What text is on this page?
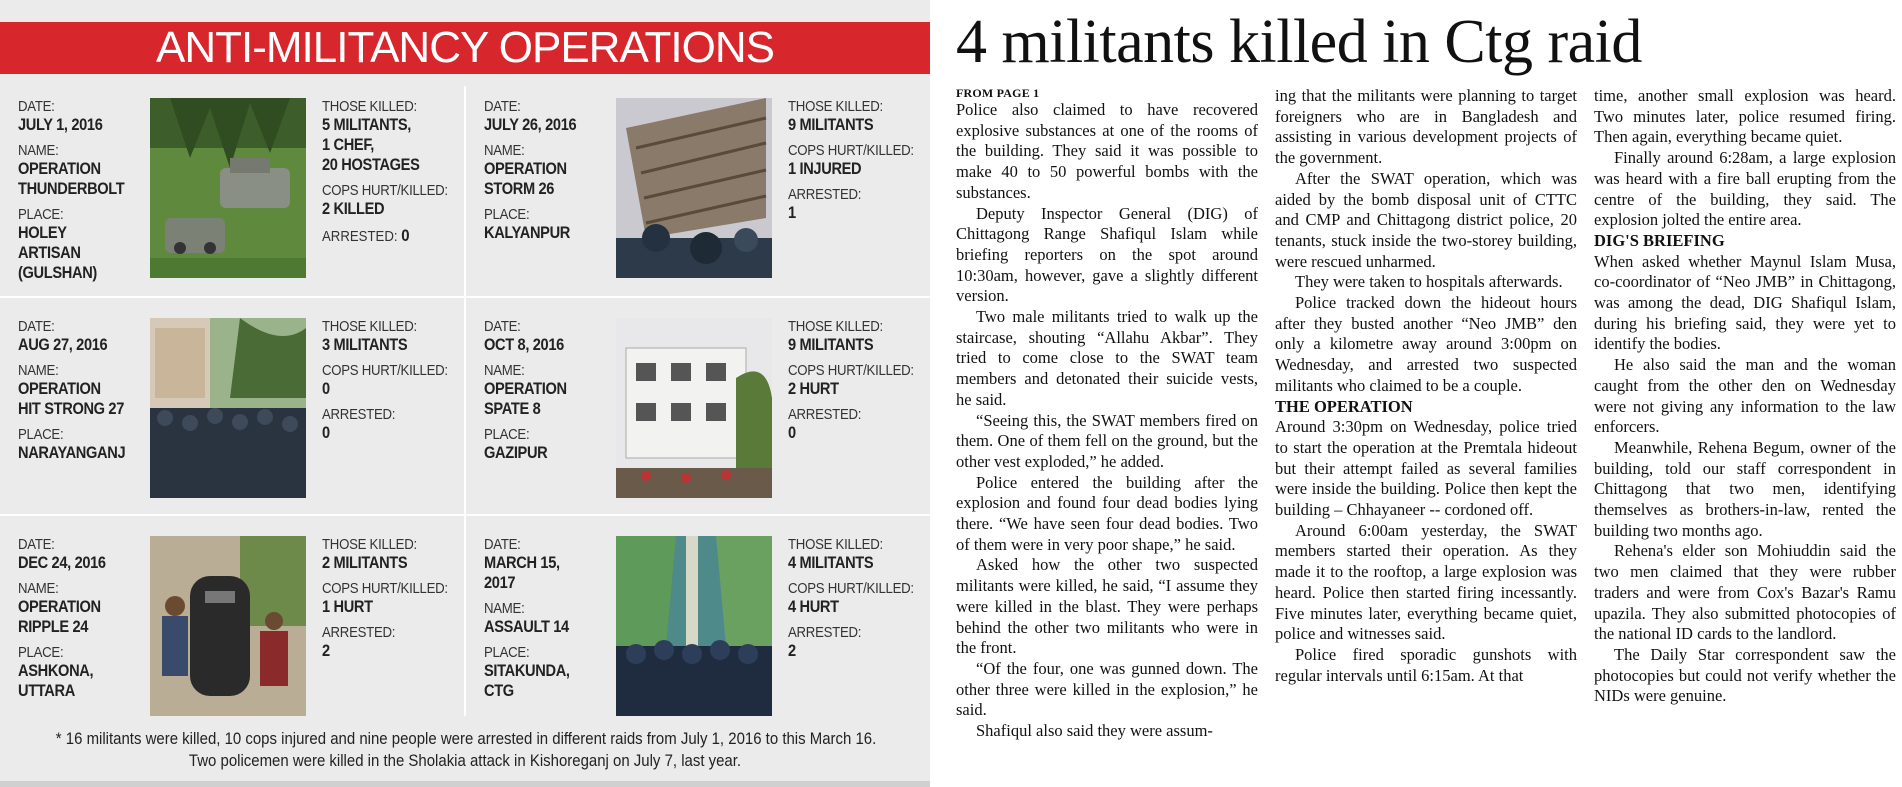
ANTI-MILITANCY OPERATIONS
DATE:
JULY 1, 2016
NAME:
OPERATION
THUNDERBOLT
PLACE:
HOLEY ARTISAN
(GULSHAN)
THOSE KILLED:
5 MILITANTS,
1 CHEF,
20 HOSTAGES
COPS HURT/KILLED:
2 KILLED
ARRESTED: 0
DATE:
JULY 26, 2016
NAME:
OPERATION
STORM 26
PLACE:
KALYANPUR
THOSE KILLED:
9 MILITANTS
COPS HURT/KILLED:
1 INJURED
ARRESTED:
1
DATE:
AUG 27, 2016
NAME:
OPERATION
HIT STRONG 27
PLACE:
NARAYANGANJ
THOSE KILLED:
3 MILITANTS
COPS HURT/KILLED:
0
ARRESTED:
0
DATE:
OCT 8, 2016
NAME:
OPERATION
SPATE 8
PLACE:
GAZIPUR
THOSE KILLED:
9 MILITANTS
COPS HURT/KILLED:
2 HURT
ARRESTED:
0
DATE:
DEC 24, 2016
NAME:
OPERATION
RIPPLE 24
PLACE:
ASHKONA,
UTTARA
THOSE KILLED:
2 MILITANTS
COPS HURT/KILLED:
1 HURT
ARRESTED:
2
DATE:
MARCH 15, 2017
NAME:
ASSAULT 14
PLACE:
SITAKUNDA,
CTG
THOSE KILLED:
4 MILITANTS
COPS HURT/KILLED:
4 HURT
ARRESTED:
2
* 16 militants were killed, 10 cops injured and nine people were arrested in different raids from July 1, 2016 to this March 16.
Two policemen were killed in the Sholakia attack in Kishoreganj on July 7, last year.
4 militants killed in Ctg raid
FROM PAGE 1

Police also claimed to have recovered explosive substances at one of the rooms of the building. They said it was possible to make 40 to 50 powerful bombs with the substances.

Deputy Inspector General (DIG) of Chittagong Range Shafiqul Islam while briefing reporters on the spot around 10:30am, however, gave a slightly different version.

Two male militants tried to walk up the staircase, shouting “Allahu Akbar”. They tried to come close to the SWAT team members and detonated their suicide vests, he said.

“Seeing this, the SWAT members fired on them. One of them fell on the ground, but the other vest exploded,” he added.

Police entered the building after the explosion and found four dead bodies lying there. “We have seen four dead bodies. Two of them were in very poor shape,” he said.

Asked how the other two suspected militants were killed, he said, “I assume they were killed in the blast. They were perhaps behind the other two militants who were in the front.

“Of the four, one was gunned down. The other three were killed in the explosion,” he said.

Shafiqul also said they were assum-

ing that the militants were planning to target foreigners who are in Bangladesh and assisting in various development projects of the government.

After the SWAT operation, which was aided by the bomb disposal unit of CTTC and CMP and Chittagong district police, 20 tenants, stuck inside the two-storey building, were rescued unharmed.

They were taken to hospitals afterwards.

Police tracked down the hideout hours after they busted another “Neo JMB” den only a kilometre away around 3:00pm on Wednesday, and arrested two suspected militants who claimed to be a couple.

THE OPERATION

Around 3:30pm on Wednesday, police tried to start the operation at the Premtala hideout but their attempt failed as several families were inside the building. Police then kept the building – Chhayaneer -- cordoned off.

Around 6:00am yesterday, the SWAT members started their operation. As they made it to the rooftop, a large explosion was heard. Police then started firing incessantly. Five minutes later, everything became quiet, police and witnesses said.

Police fired sporadic gunshots with regular intervals until 6:15am. At that

time, another small explosion was heard. Two minutes later, police resumed firing. Then again, everything became quiet.

Finally around 6:28am, a large explosion was heard with a fire ball erupting from the centre of the building, they said. The explosion jolted the entire area.

DIG'S BRIEFING

When asked whether Maynul Islam Musa, co-coordinator of “Neo JMB” in Chittagong, was among the dead, DIG Shafiqul Islam, during his briefing said, they were yet to identify the bodies.

He also said the man and the woman caught from the other den on Wednesday were not giving any information to the law enforcers.

Meanwhile, Rehena Begum, owner of the building, told our staff correspondent in Chittagong that two men, identifying themselves as brothers-in-law, rented the building two months ago.

Rehena's elder son Mohiuddin said the two men claimed that they were rubber traders and were from Cox's Bazar's Ramu upazila. They also submitted photocopies of the national ID cards to the landlord.

The Daily Star correspondent saw the photocopies but could not verify whether the NIDs were genuine.
